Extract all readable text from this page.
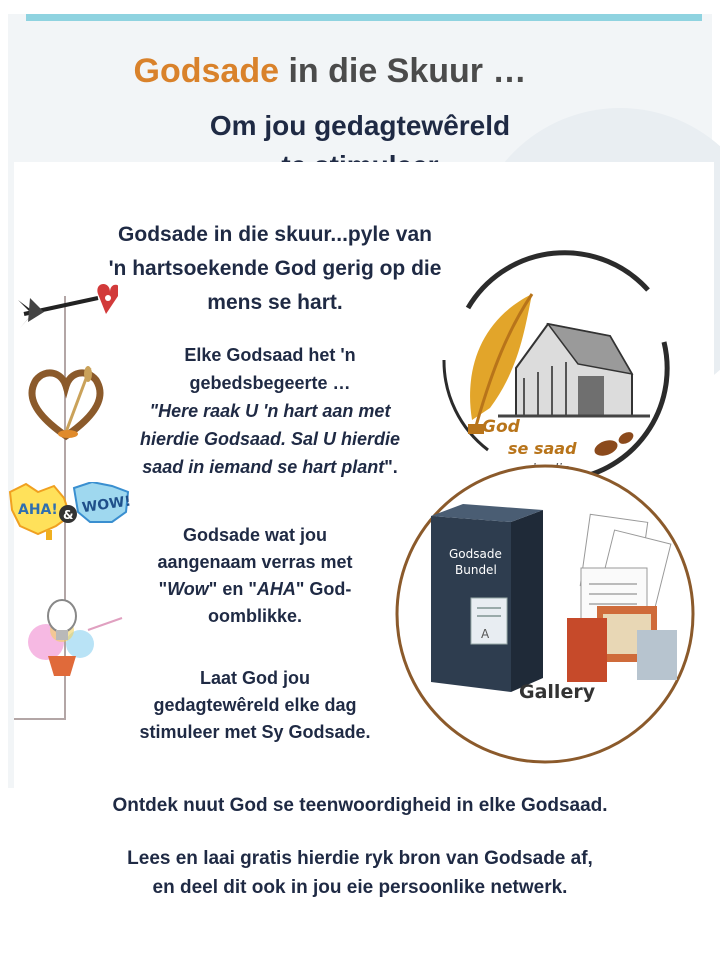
Godsade in die Skuur …
Om jou gedagtewêreld
AHA! & WOW!
Godsade in die skuur...pyle van
'n hartsoekende God gerig op die
mens se hart.
Elke Godsaad het 'n
gebedsbegeerte …
"Here raak U 'n hart aan met
hierdie Godsaad. Sal U hierdie
saad in iemand se hart plant".
Godsade wat jou
aangenaam verras met
"Wow" en "AHA" God-
oomblikke.
Laat God jou
gedagtewêreld elke dag
stimuleer met Sy Godsade.
God
se saad
Godsade
Bundel
A
Gallery
Ontdek nuut God se teenwoordigheid in elke Godsaad.
Lees en laai gratis hierdie ryk bron van Godsade af,
en deel dit ook in jou eie persoonlike netwerk.
